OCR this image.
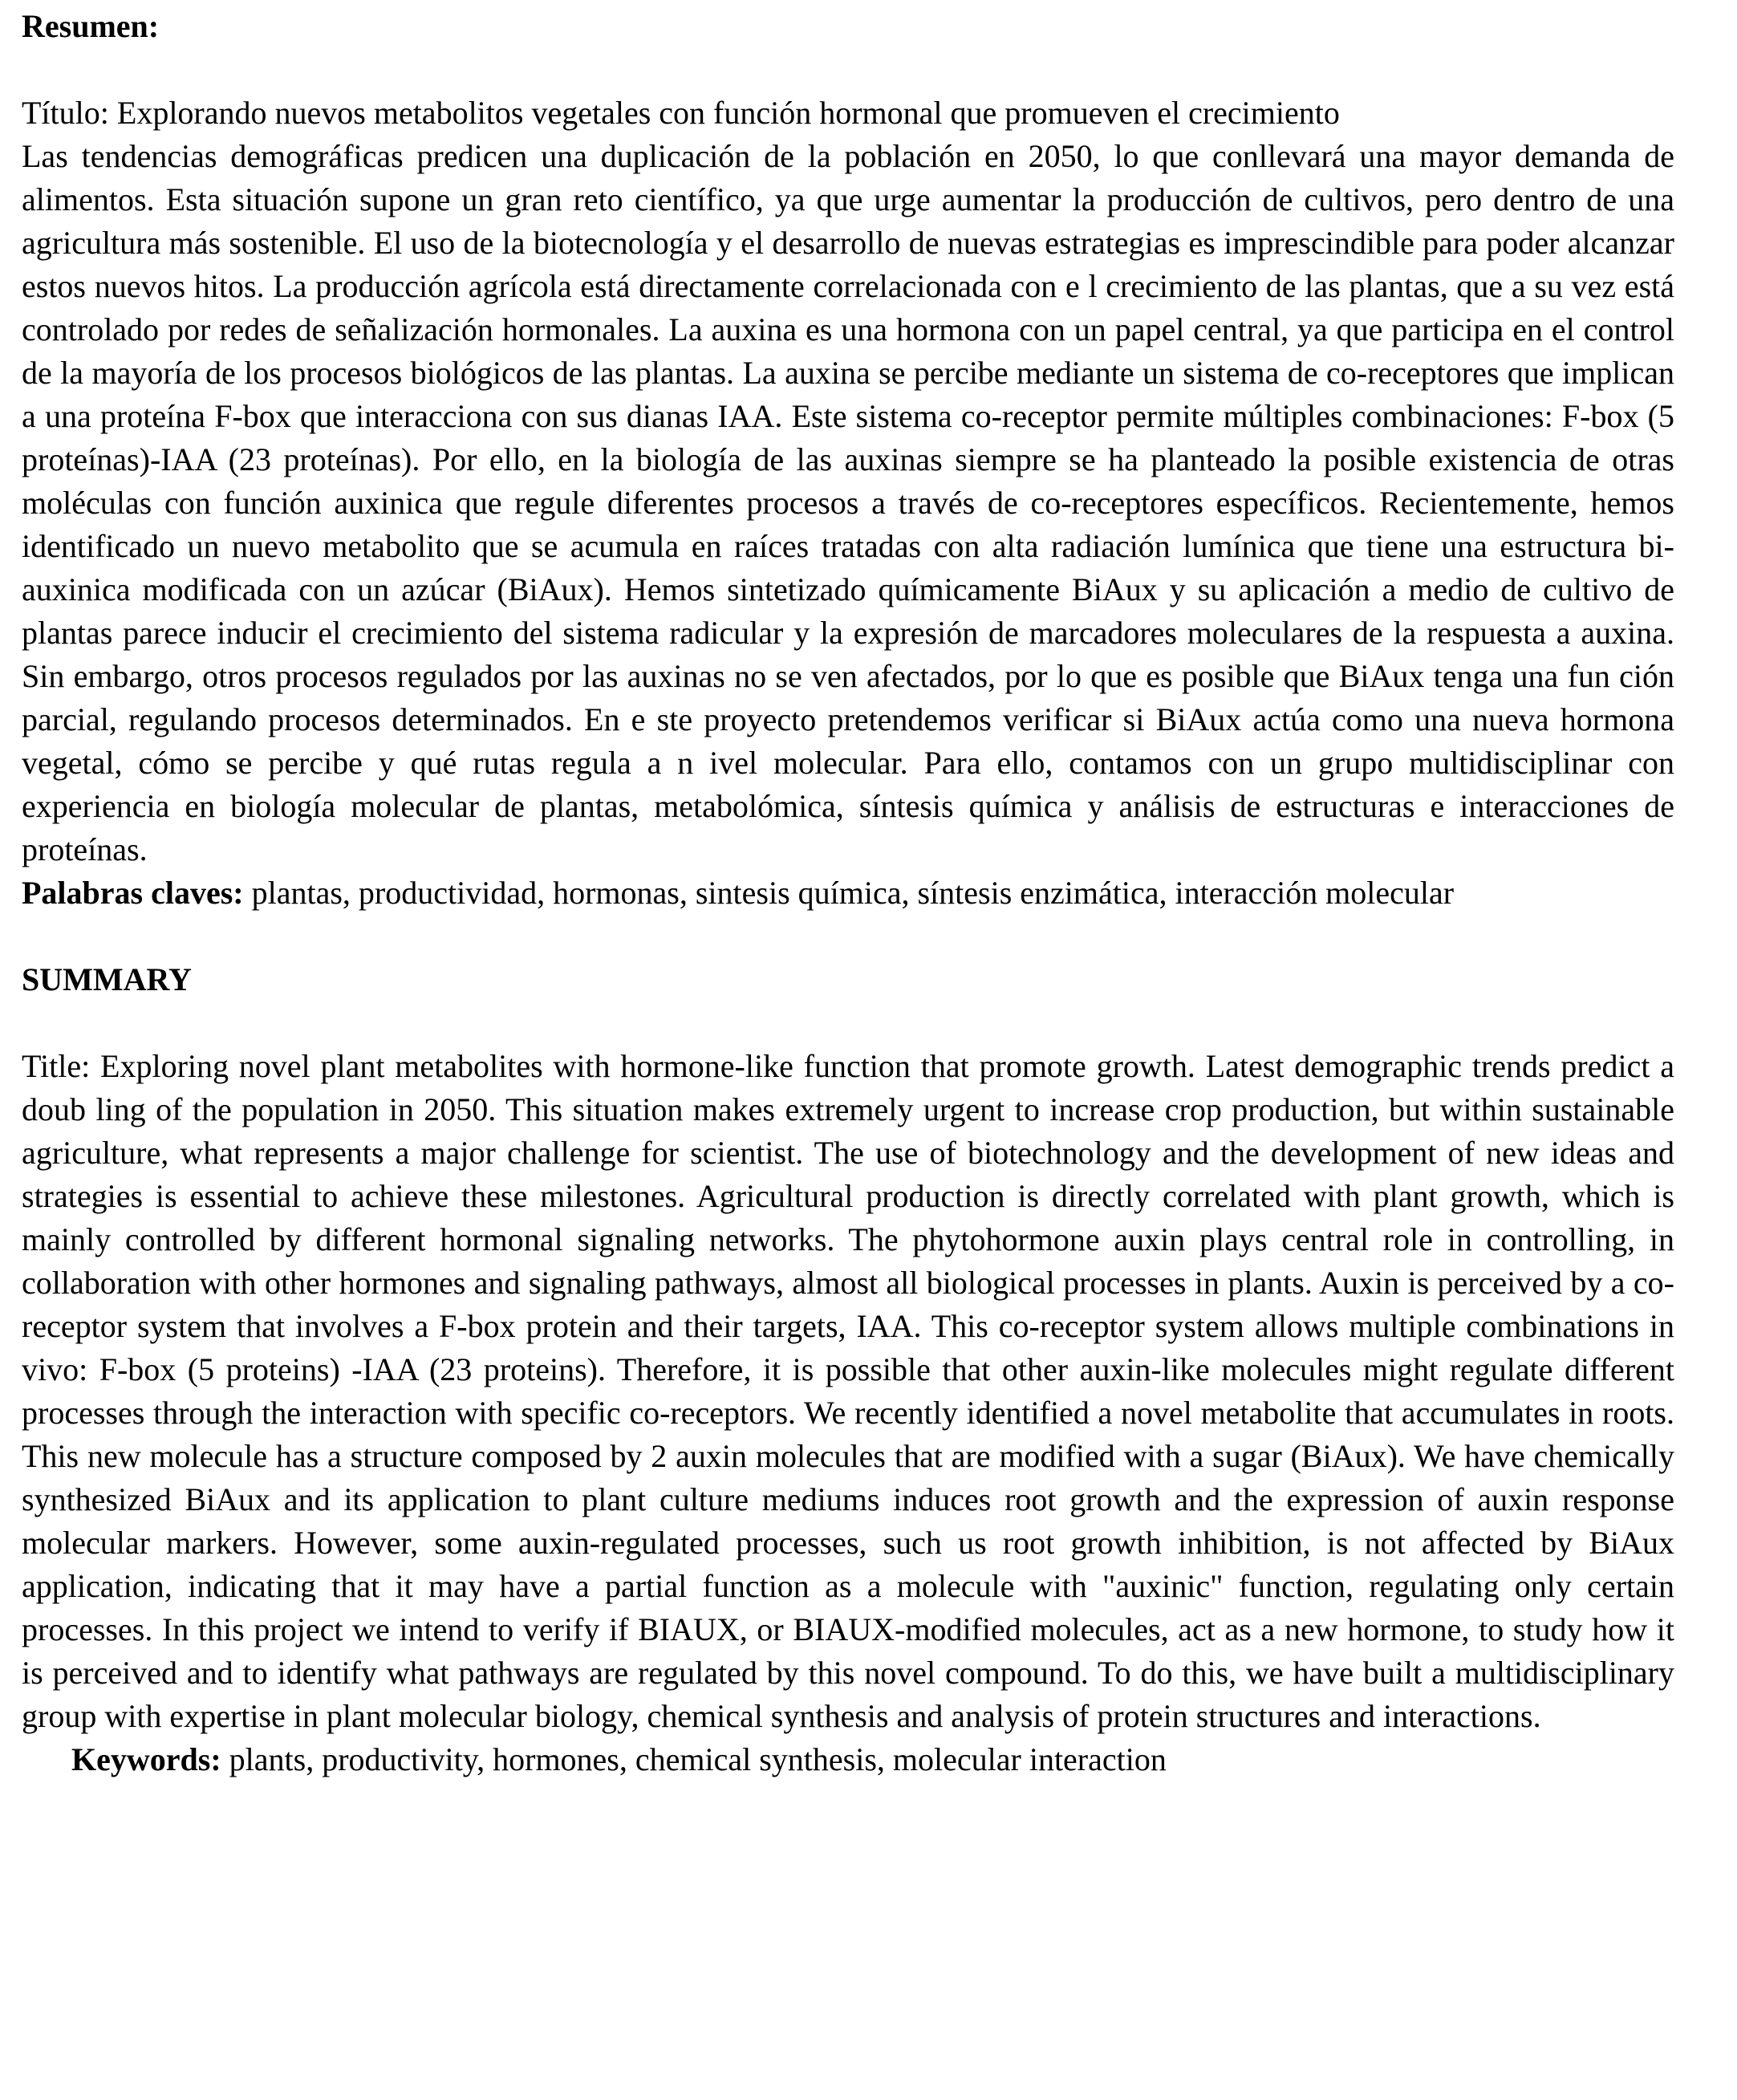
Resumen:

Título: Explorando nuevos metabolitos vegetales con función hormonal que promueven el crecimiento

Las tendencias demográficas predicen una duplicación de la población en 2050, lo que conllevará una mayor demanda de alimentos. Esta situación supone un gran reto científico, ya que urge aumentar la producción de cultivos, pero dentro de una agricultura más sostenible. El uso de la biotecnología y el desarrollo de nuevas estrategias es imprescindible para poder alcanzar estos nuevos hitos. La producción agrícola está directamente correlacionada con e l crecimiento de las plantas, que a su vez está controlado por redes de señalización hormonales. La auxina es una hormona con un papel central, ya que participa en el control de la mayoría de los procesos biológicos de las plantas. La auxina se percibe mediante un sistema de co-receptores que implican a una proteína F-box que interacciona con sus dianas IAA. Este sistema co-receptor permite múltiples combinaciones: F-box (5 proteínas)-IAA (23 proteínas). Por ello, en la biología de las auxinas siempre se ha planteado la posible existencia de otras moléculas con función auxinica que regule diferentes procesos a través de co-receptores específicos. Recientemente, hemos identificado un nuevo metabolito que se acumula en raíces tratadas con alta radiación lumínica que tiene una estructura bi-auxinica modificada con un azúcar (BiAux). Hemos sintetizado químicamente BiAux y su aplicación a medio de cultivo de plantas parece inducir el crecimiento del sistema radicular y la expresión de marcadores moleculares de la respuesta a auxina. Sin embargo, otros procesos regulados por las auxinas no se ven afectados, por lo que es posible que BiAux tenga una fun ción parcial, regulando procesos determinados. En e ste proyecto pretendemos verificar si BiAux actúa como una nueva hormona vegetal, cómo se percibe y qué rutas regula a n ivel molecular. Para ello, contamos con un grupo multidisciplinar con experiencia en biología molecular de plantas, metabolómica, síntesis química y análisis de estructuras e interacciones de proteínas.

Palabras claves: plantas, productividad, hormonas, sintesis química, síntesis enzimática, interacción molecular

SUMMARY

Title: Exploring novel plant metabolites with hormone-like function that promote growth. Latest demographic trends predict a doub ling of the population in 2050. This situation makes extremely urgent to increase crop production, but within sustainable agriculture, what represents a major challenge for scientist. The use of biotechnology and the development of new ideas and strategies is essential to achieve these milestones. Agricultural production is directly correlated with plant growth, which is mainly controlled by different hormonal signaling networks. The phytohormone auxin plays central role in controlling, in collaboration with other hormones and signaling pathways, almost all biological processes in plants. Auxin is perceived by a co- receptor system that involves a F-box protein and their targets, IAA. This co-receptor system allows multiple combinations in vivo: F-box (5 proteins) -IAA (23 proteins). Therefore, it is possible that other auxin-like molecules might regulate different processes through the interaction with specific co-receptors. We recently identified a novel metabolite that accumulates in roots. This new molecule has a structure composed by 2 auxin molecules that are modified with a sugar (BiAux). We have chemically synthesized BiAux and its application to plant culture mediums induces root growth and the expression of auxin response molecular markers. However, some auxin-regulated processes, such us root growth inhibition, is not affected by BiAux application, indicating that it may have a partial function as a molecule with "auxinic" function, regulating only certain processes. In this project we intend to verify if BIAUX, or BIAUX-modified molecules, act as a new hormone, to study how it is perceived and to identify what pathways are regulated by this novel compound. To do this, we have built a multidisciplinary group with expertise in plant molecular biology, chemical synthesis and analysis of protein structures and interactions.

Keywords: plants, productivity, hormones, chemical synthesis, molecular interaction
